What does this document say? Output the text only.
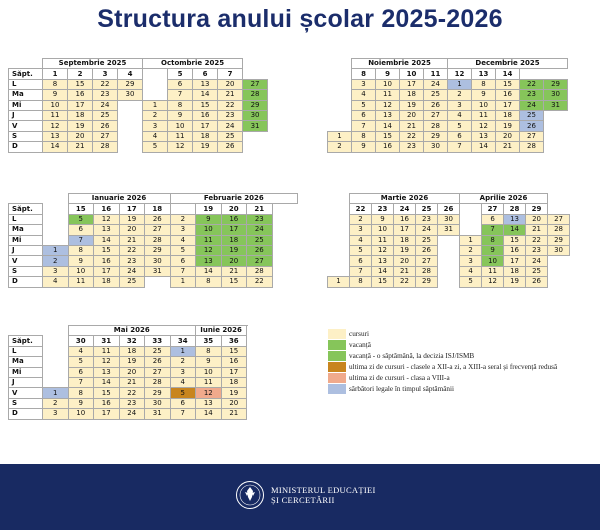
Structura anului școlar 2025-2026
	Septembrie 2025				Octombrie 2025				
Săpt.	1	2	3	4		5	6	7	
L	8	15	22	29		6	13	20	27
Ma	9	16	23	30		7	14	21	28
Mi	10	17	24		1	8	15	22	29
J	11	18	25		2	9	16	23	30
V	12	19	26		3	10	17	24	31
S	13	20	27		4	11	18	25	
D	14	21	28		5	12	19	26	
	Noiembrie 2025				Decembrie 2025				
	8	9	10	11	12	13	14		
	3	10	17	24	1	8	15	22	29
	4	11	18	25	2	9	16	23	30
	5	12	19	26	3	10	17	24	31
	6	13	20	27	4	11	18	25	
	7	14	21	28	5	12	19	26	
1	8	15	22	29	6	13	20	27	
2	9	16	23	30	7	14	21	28	
		Ianuarie 2026				Februarie 2026				
Săpt.		15	16	17	18		19	20	21	
L		5	12	19	26	2	9	16	23	
Ma		6	13	20	27	3	10	17	24	
Mi		7	14	21	28	4	11	18	25	
J	1	8	15	22	29	5	12	19	26	
V	2	9	16	23	30	6	13	20	27	
S	3	10	17	24	31	7	14	21	28	
D	4	11	18	25		1	8	15	22	
	Martie 2026					Aprilie 2026				
	22	23	24	25	26		27	28	29	
	2	9	16	23	30		6	13	20	27
	3	10	17	24	31		7	14	21	28
	4	11	18	25		1	8	15	22	29
	5	12	19	26		2	9	16	23	30
	6	13	20	27		3	10	17	24	
	7	14	21	28		4	11	18	25	
1	8	15	22	29		5	12	19	26	
		Mai 2026					Iunie 2026	
Săpt.		30	31	32	33	34	35	36
L		4	11	18	25	1	8	15
Ma		5	12	19	26	2	9	16
Mi		6	13	20	27	3	10	17
J		7	14	21	28	4	11	18
V	1	8	15	22	29	5	12	19
S	2	9	16	23	30	6	13	20
D	3	10	17	24	31	7	14	21
cursuri
vacanță
vacanță - o săptămână, la decizia ISJ/ISMB
ultima zi de cursuri - clasele a XII-a zi, a XIII-a seral și frecvență redusă
ultima zi de cursuri - clasa a VIII-a
sărbători legale în timpul săptămânii
MINISTERUL EDUCAȚIEI
ȘI CERCETĂRII
